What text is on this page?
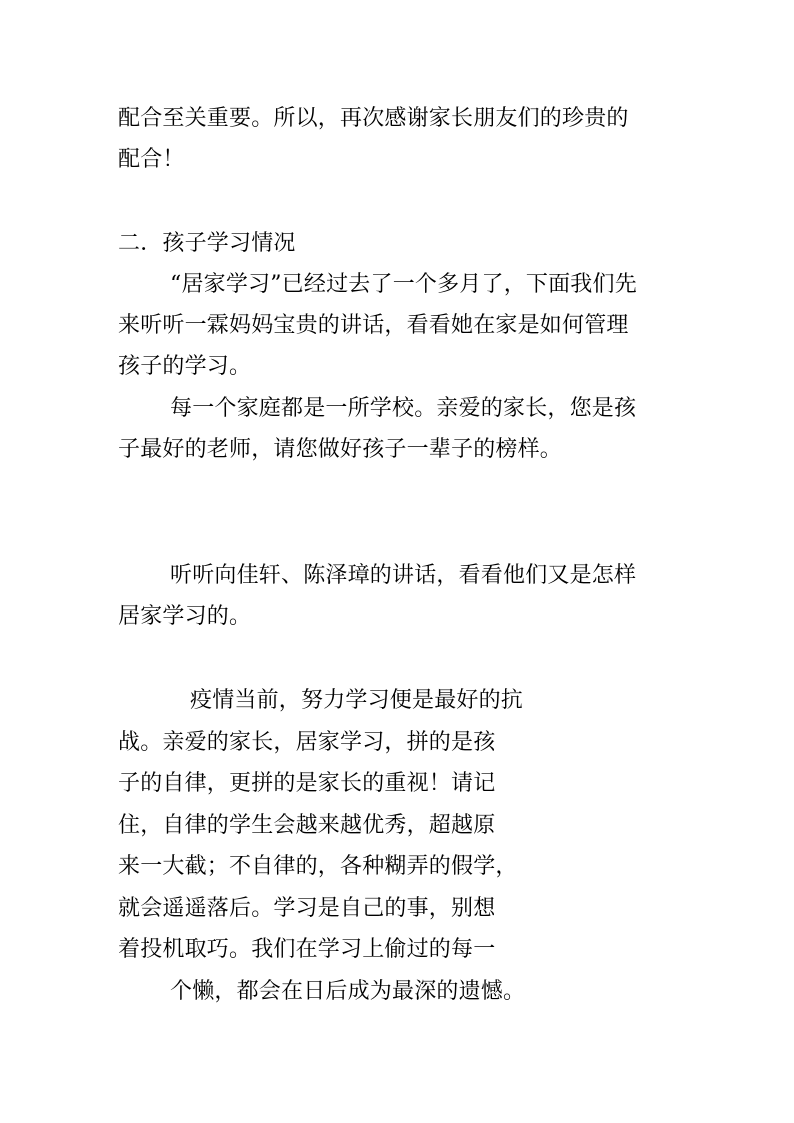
配合至关重要。所以，再次感谢家长朋友们的珍贵的
配合！
二．孩子学习情况
“居家学习”已经过去了一个多月了，下面我们先
来听听一霖妈妈宝贵的讲话，看看她在家是如何管理
孩子的学习。
每一个家庭都是一所学校。亲爱的家长，您是孩
子最好的老师，请您做好孩子一辈子的榜样。
听听向佳轩、陈泽璋的讲话，看看他们又是怎样
居家学习的。
疫情当前，努力学习便是最好的抗
战。亲爱的家长，居家学习，拼的是孩
子的自律，更拼的是家长的重视！请记
住，自律的学生会越来越优秀，超越原
来一大截；不自律的，各种糊弄的假学，
就会遥遥落后。学习是自己的事，别想
着投机取巧。我们在学习上偷过的每一
个懒，都会在日后成为最深的遗憾。
